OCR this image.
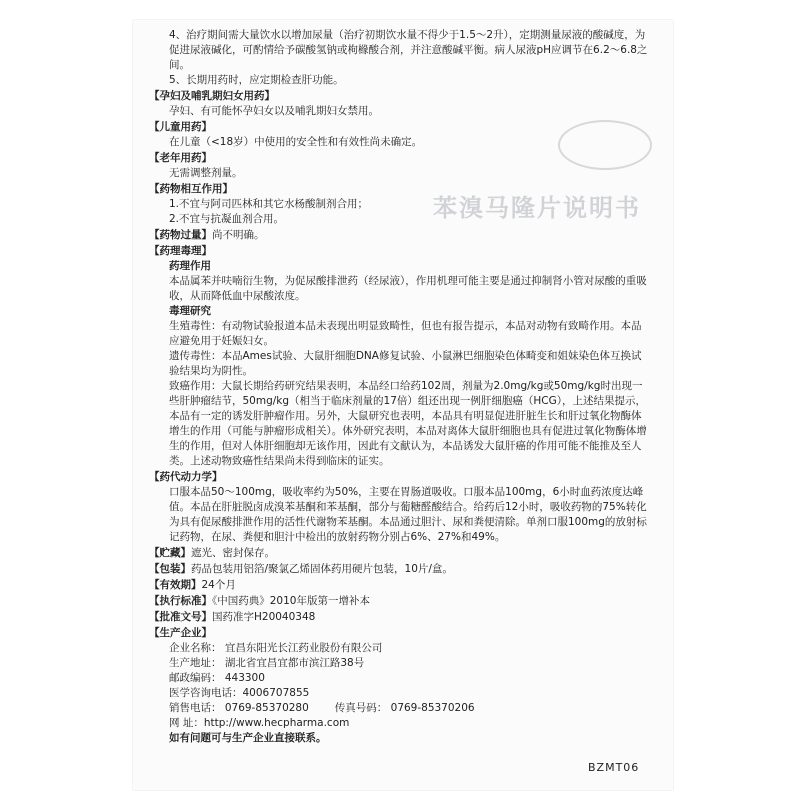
苯溴马隆片说明书

4、治疗期间需大量饮水以增加尿量（治疗初期饮水量不得少于1.5～2升），定期测量尿液的酸碱度，为促进尿液碱化，可酌情给予碳酸氢钠或枸橼酸合剂，并注意酸碱平衡。病人尿液pH应调节在6.2～6.8之间。

5、长期用药时，应定期检查肝功能。

【孕妇及哺乳期妇女用药】

孕妇、有可能怀孕妇女以及哺乳期妇女禁用。

【儿童用药】

在儿童（<18岁）中使用的安全性和有效性尚未确定。

【老年用药】

无需调整剂量。

【药物相互作用】

1.不宜与阿司匹林和其它水杨酸制剂合用；

2.不宜与抗凝血剂合用。

【药物过量】尚不明确。

【药理毒理】

药理作用

本品属苯并呋喃衍生物，为促尿酸排泄药（经尿液），作用机理可能主要是通过抑制肾小管对尿酸的重吸收，从而降低血中尿酸浓度。

毒理研究

生殖毒性：有动物试验报道本品未表现出明显致畸性，但也有报告提示，本品对动物有致畸作用。本品应避免用于妊娠妇女。

遗传毒性：本品Ames试验、大鼠肝细胞DNA修复试验、小鼠淋巴细胞染色体畸变和姐妹染色体互换试验结果均为阴性。

致癌作用：大鼠长期给药研究结果表明，本品经口给药102周，剂量为2.0mg/kg或50mg/kg时出现一些肝肿瘤结节，50mg/kg（相当于临床剂量的17倍）组还出现一例肝细胞癌（HCG），上述结果提示，本品有一定的诱发肝肿瘤作用。另外，大鼠研究也表明，本品具有明显促进肝脏生长和肝过氧化物酶体增生的作用（可能与肿瘤形成相关）。体外研究表明，本品对离体大鼠肝细胞也具有促进过氧化物酶体增生的作用，但对人体肝细胞却无该作用，因此有文献认为，本品诱发大鼠肝癌的作用可能不能推及至人类。上述动物致癌性结果尚未得到临床的证实。

【药代动力学】

口服本品50～100mg，吸收率约为50%，主要在胃肠道吸收。口服本品100mg，6小时血药浓度达峰值。本品在肝脏脱卤成溴苯基酮和苯基酮，部分与葡糖醛酸结合。给药后12小时，吸收药物的75%转化为具有促尿酸排泄作用的活性代谢物苯基酮。本品通过胆汁、尿和粪便清除。单剂口服100mg的放射标记药物，在尿、粪便和胆汁中检出的放射药物分别占6%、27%和49%。

【贮藏】遮光、密封保存。

【包装】药品包装用铝箔/聚氯乙烯固体药用硬片包装，10片/盒。

【有效期】24个月

【执行标准】《中国药典》2010年版第一增补本

【批准文号】国药准字H20040348

【生产企业】

企业名称： 宜昌东阳光长江药业股份有限公司

生产地址： 湖北省宜昌宜都市滨江路38号

邮政编码： 443300

医学咨询电话：4006707855

销售电话： 0769-85370280 传真号码： 0769-85370206

网 址：http://www.hecpharma.com

如有问题可与生产企业直接联系。

BZMT06
